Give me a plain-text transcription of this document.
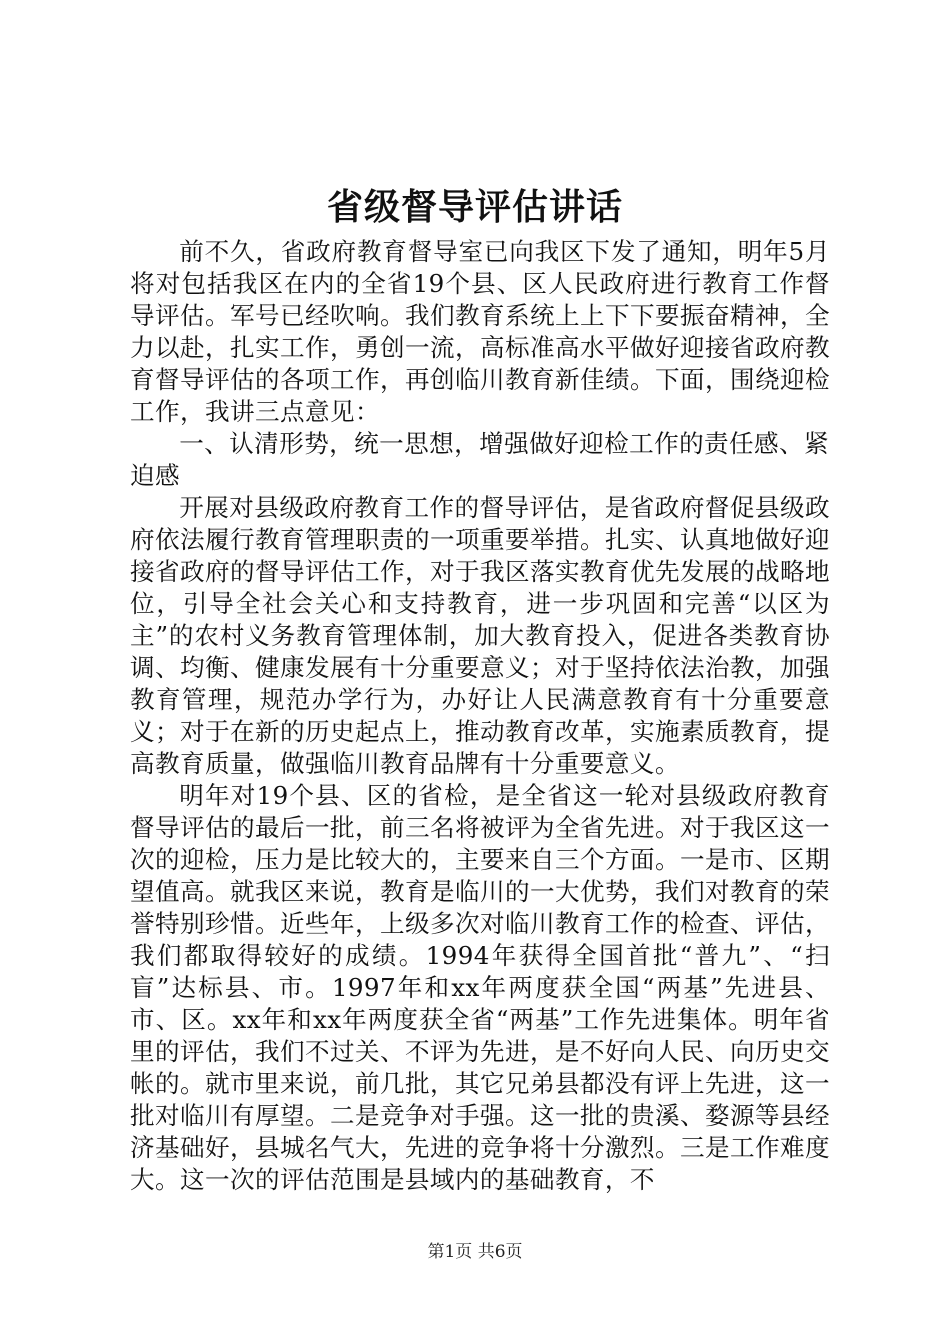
省级督导评估讲话

前不久，省政府教育督导室已向我区下发了通知，明年5月将对包括我区在内的全省19个县、区人民政府进行教育工作督导评估。军号已经吹响。我们教育系统上上下下要振奋精神，全力以赴，扎实工作，勇创一流，高标准高水平做好迎接省政府教育督导评估的各项工作，再创临川教育新佳绩。下面，围绕迎检工作，我讲三点意见：

一、认清形势，统一思想，增强做好迎检工作的责任感、紧迫感

开展对县级政府教育工作的督导评估，是省政府督促县级政府依法履行教育管理职责的一项重要举措。扎实、认真地做好迎接省政府的督导评估工作，对于我区落实教育优先发展的战略地位，引导全社会关心和支持教育，进一步巩固和完善“以区为主”的农村义务教育管理体制，加大教育投入，促进各类教育协调、均衡、健康发展有十分重要意义；对于坚持依法治教，加强教育管理，规范办学行为，办好让人民满意教育有十分重要意义；对于在新的历史起点上，推动教育改革，实施素质教育，提高教育质量，做强临川教育品牌有十分重要意义。

明年对19个县、区的省检，是全省这一轮对县级政府教育督导评估的最后一批，前三名将被评为全省先进。对于我区这一次的迎检，压力是比较大的，主要来自三个方面。一是市、区期望值高。就我区来说，教育是临川的一大优势，我们对教育的荣誉特别珍惜。近些年，上级多次对临川教育工作的检查、评估，我们都取得较好的成绩。1994年获得全国首批“普九”、“扫盲”达标县、市。1997年和xx年两度获全国“两基”先进县、市、区。xx年和xx年两度获全省“两基”工作先进集体。明年省里的评估，我们不过关、不评为先进，是不好向人民、向历史交帐的。就市里来说，前几批，其它兄弟县都没有评上先进，这一批对临川有厚望。二是竞争对手强。这一批的贵溪、婺源等县经济基础好，县城名气大，先进的竞争将十分激烈。三是工作难度大。这一次的评估范围是县域内的基础教育，不

第1页 共6页
